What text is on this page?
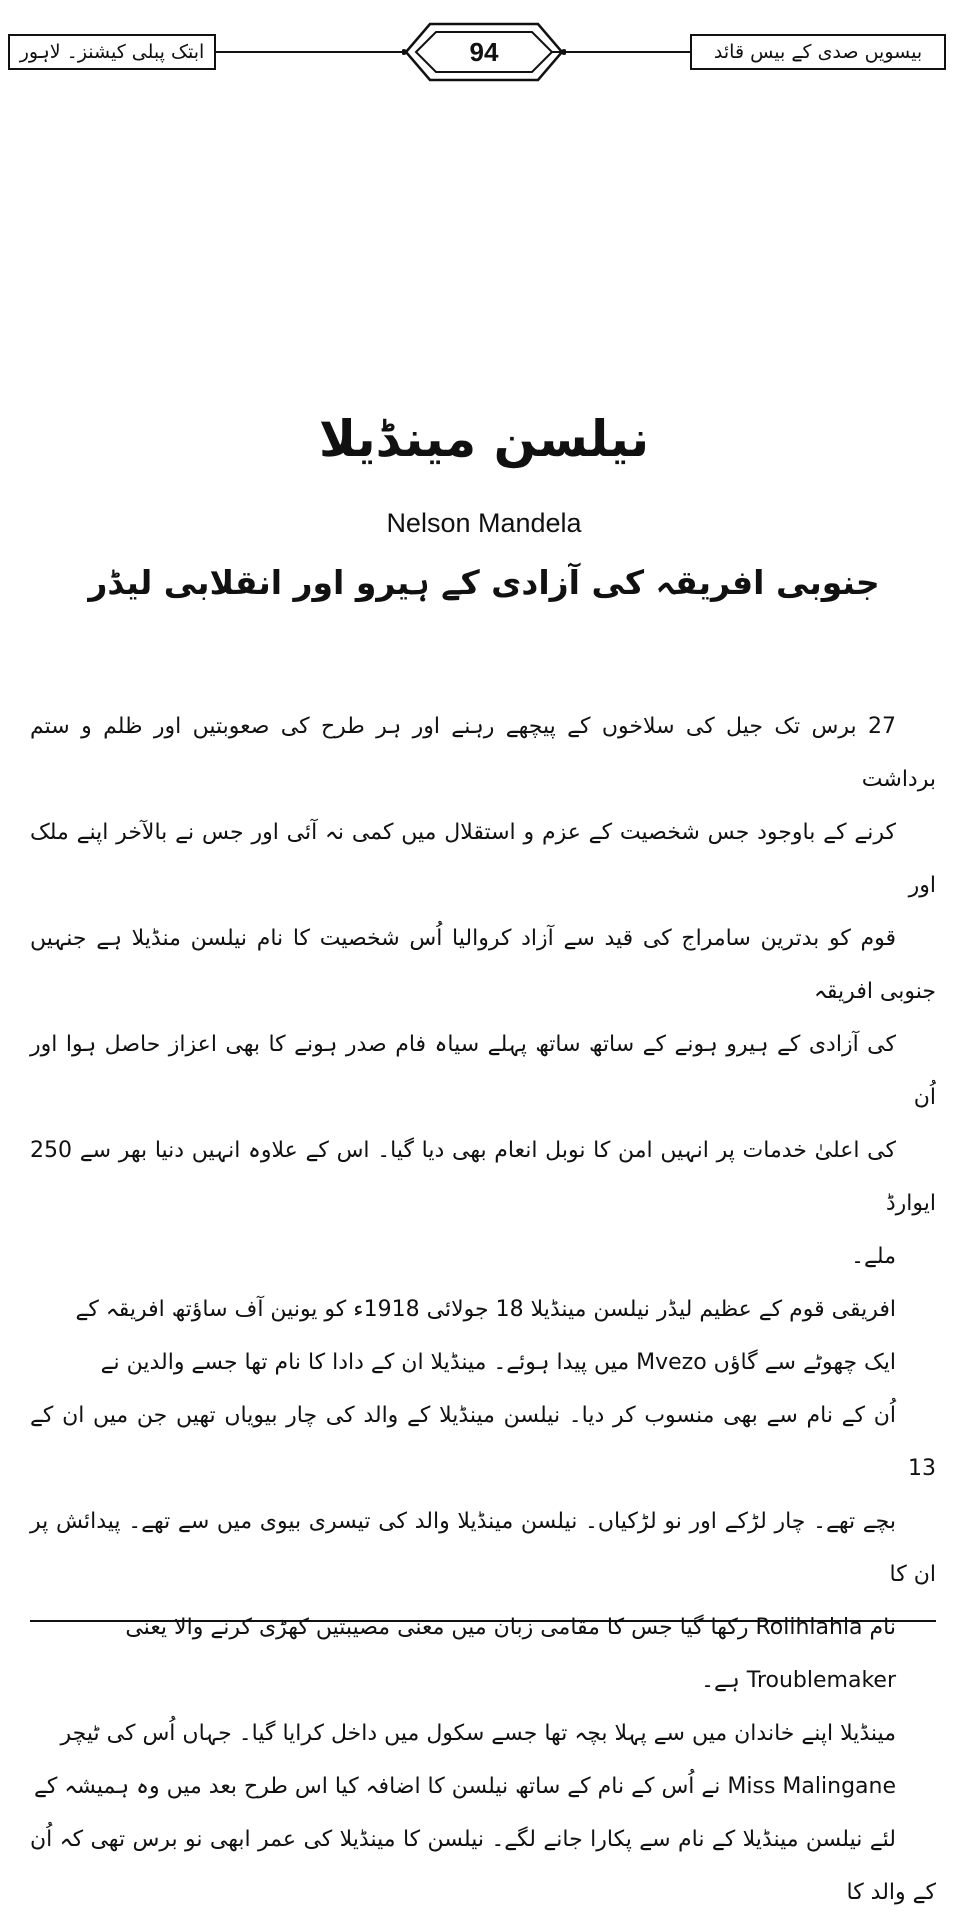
ابتک پبلی کیشنز۔ لاہور	94	بیسویں صدی کے بیس قائد
نیلسن مینڈیلا
Nelson Mandela
جنوبی افریقہ کی آزادی کے ہیرو اور انقلابی لیڈر

27 برس تک جیل کی سلاخوں کے پیچھے رہنے اور ہر طرح کی صعوبتیں اور ظلم و ستم برداشت
کرنے کے باوجود جس شخصیت کے عزم و استقلال میں کمی نہ آئی اور جس نے بالآخر اپنے ملک اور
قوم کو بدترین سامراج کی قید سے آزاد کروالیا اُس شخصیت کا نام نیلسن منڈیلا ہے جنہیں جنوبی افریقہ
کی آزادی کے ہیرو ہونے کے ساتھ ساتھ پہلے سیاہ فام صدر ہونے کا بھی اعزاز حاصل ہوا اور اُن
کی اعلیٰ خدمات پر انہیں امن کا نوبل انعام بھی دیا گیا۔ اس کے علاوہ انہیں دنیا بھر سے 250 ایوارڈ
ملے۔

افریقی قوم کے عظیم لیڈر نیلسن مینڈیلا 18 جولائی 1918ء کو یونین آف ساؤتھ افریقہ کے
ایک چھوٹے سے گاؤں Mvezo میں پیدا ہوئے۔ مینڈیلا ان کے دادا کا نام تھا جسے والدین نے
اُن کے نام سے بھی منسوب کر دیا۔ نیلسن مینڈیلا کے والد کی چار بیویاں تھیں جن میں ان کے 13
بچے تھے۔ چار لڑکے اور نو لڑکیاں۔ نیلسن مینڈیلا والد کی تیسری بیوی میں سے تھے۔ پیدائش پر ان کا
نام Rolihlahla رکھا گیا جس کا مقامی زبان میں معنی مصیبتیں کھڑی کرنے والا یعنی
Troublemaker ہے۔

مینڈیلا اپنے خاندان میں سے پہلا بچہ تھا جسے سکول میں داخل کرایا گیا۔ جہاں اُس کی ٹیچر
Miss Malingane نے اُس کے نام کے ساتھ نیلسن کا اضافہ کیا اس طرح بعد میں وہ ہمیشہ کے
لئے نیلسن مینڈیلا کے نام سے پکارا جانے لگے۔ نیلسن کا مینڈیلا کی عمر ابھی نو برس تھی کہ اُن کے والد کا
